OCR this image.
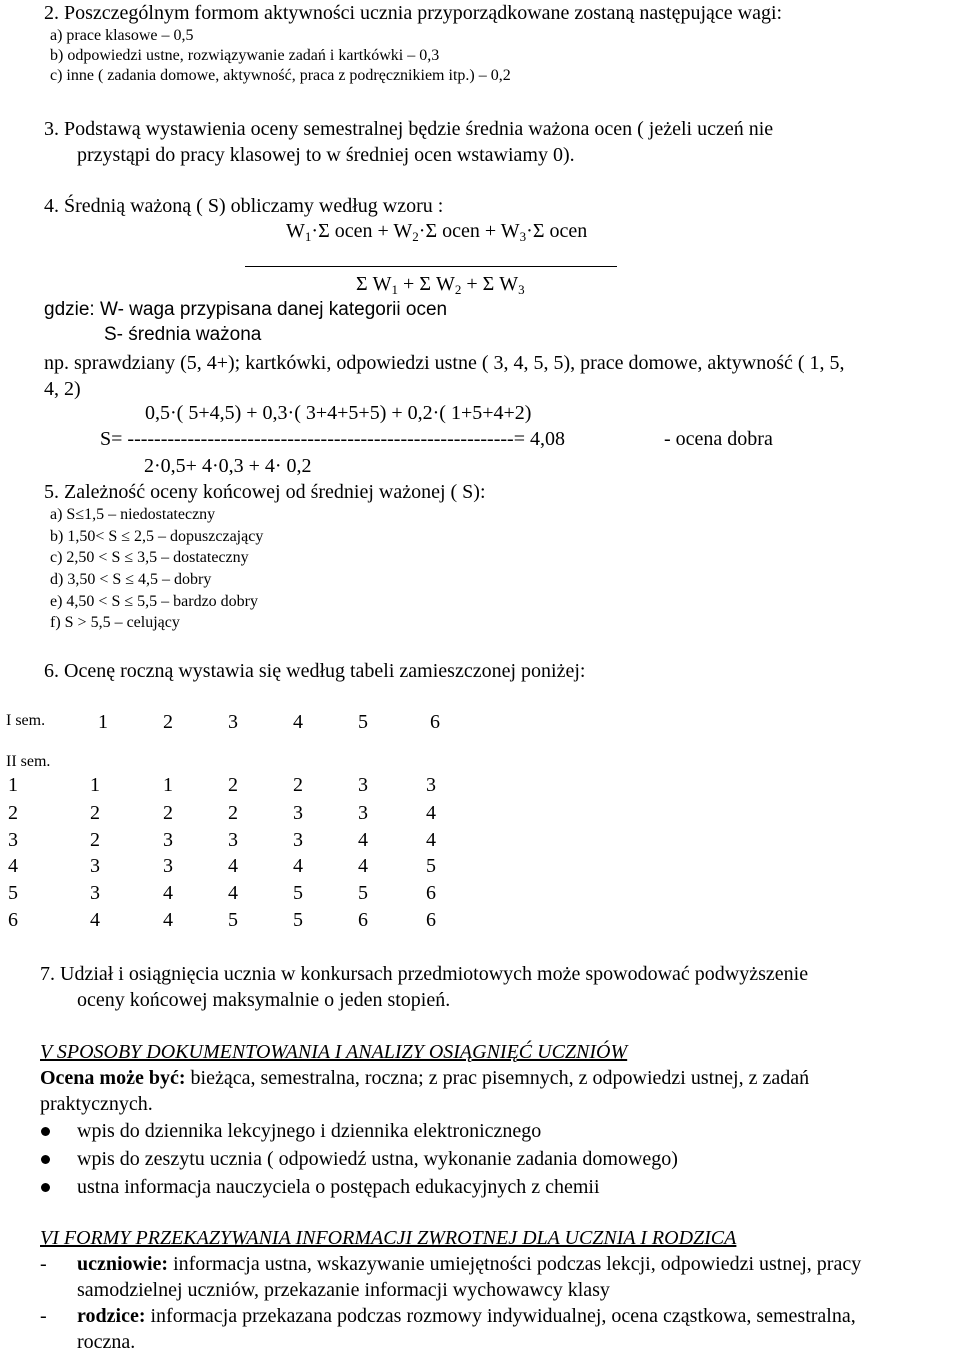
2. Poszczególnym formom aktywności ucznia przyporządkowane zostaną następujące wagi:
a) prace klasowe – 0,5
b) odpowiedzi ustne, rozwiązywanie zadań i kartkówki – 0,3
c) inne ( zadania domowe, aktywność, praca z podręcznikiem itp.) – 0,2
3. Podstawą wystawienia oceny semestralnej będzie średnia ważona ocen ( jeżeli uczeń nie
przystąpi do pracy klasowej to w średniej ocen wstawiamy 0).
4. Średnią ważoną ( S) obliczamy według wzoru :
$W_1\cdot\Sigma$ ocen + $W_2\cdot\Sigma$ ocen + $W_3\cdot\Sigma$ ocen
Σ $W_1 + \Sigma$ $W_2 + \Sigma$ $W_3$
gdzie: W- waga przypisana danej kategorii ocen
S- średnia ważona
np. sprawdziany (5, 4+); kartkówki, odpowiedzi ustne ( 3, 4, 5, 5), prace domowe, aktywność ( 1, 5,
4, 2)
0,5·( 5+4,5) + 0,3·( 3+4+5+5) + 0,2·( 1+5+4+2)
S= ----------------------------------------------------------= 4,08	- ocena dobra
2·0,5+ 4·0,3 + 4· 0,2
5. Zależność oceny końcowej od średniej ważonej ( S):
a) S≤1,5 – niedostateczny
b) 1,50< S ≤ 2,5 – dopuszczający
c) 2,50 < S ≤ 3,5 – dostateczny
d) 3,50 < S ≤ 4,5 – dobry
e) 4,50 < S ≤ 5,5 – bardzo dobry
f) S > 5,5 – celujący
6. Ocenę roczną wystawia się według tabeli zamieszczonej poniżej:
I sem.	1	2	3	4	5	6
II sem.
1	1	1	2	2	3	3
2	2	2	2	3	3	4
3	2	3	3	3	4	4
4	3	3	4	4	4	5
5	3	4	4	5	5	6
6	4	4	5	5	6	6
7. Udział i osiągnięcia ucznia w konkursach przedmiotowych może spowodować podwyższenie
oceny końcowej maksymalnie o jeden stopień.
V SPOSOBY DOKUMENTOWANIA I ANALIZY OSIĄGNIĘĆ UCZNIÓW
Ocena może być: bieżąca, semestralna, roczna; z prac pisemnych, z odpowiedzi ustnej, z zadań
praktycznych.
wpis do dziennika lekcyjnego i dziennika elektronicznego
wpis do zeszytu ucznia ( odpowiedź ustna, wykonanie zadania domowego)
ustna informacja nauczyciela o postępach edukacyjnych z chemii
VI FORMY PRZEKAZYWANIA INFORMACJI ZWROTNEJ DLA UCZNIA I RODZICA
- uczniowie: informacja ustna, wskazywanie umiejętności podczas lekcji, odpowiedzi ustnej, pracy
samodzielnej uczniów, przekazanie informacji wychowawcy klasy
- rodzice: informacja przekazana podczas rozmowy indywidualnej, ocena cząstkowa, semestralna,
roczna.
